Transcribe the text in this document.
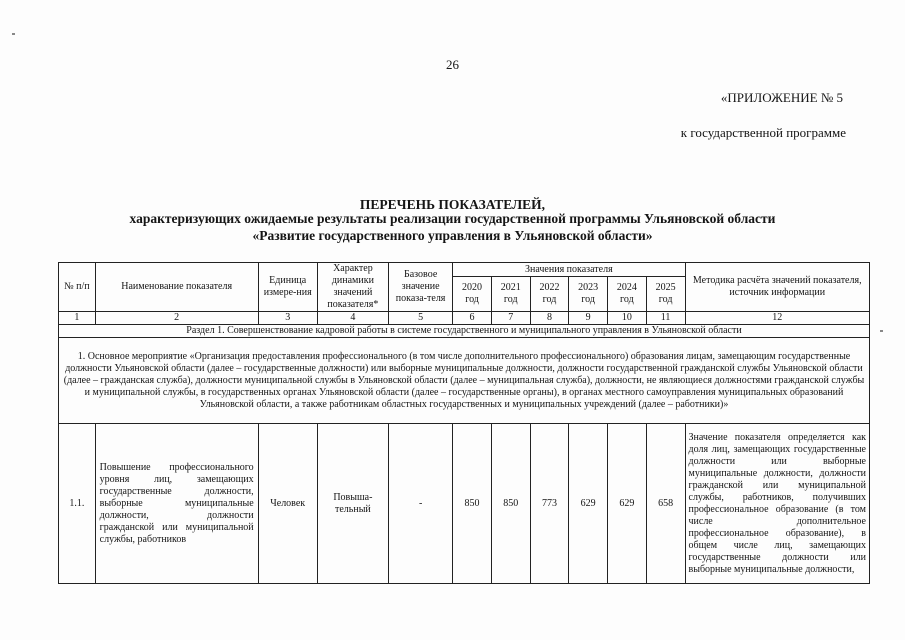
26
«ПРИЛОЖЕНИЕ № 5
к государственной программе
ПЕРЕЧЕНЬ ПОКАЗАТЕЛЕЙ,
характеризующих ожидаемые результаты реализации государственной программы Ульяновской области
«Развитие государственного управления в Ульяновской области»
№ п/п	Наименование показателя	Единица измере-ния	Характер динамики значений показателя*	Базовое значение показа-теля	Значения показателя						Методика расчёта значений показателя, источник информации
					2020 год	2021 год	2022 год	2023 год	2024 год	2025 год	
1	2	3	4	5	6	7	8	9	10	11	12
Раздел 1. Совершенствование кадровой работы в системе государственного и муниципального управления в Ульяновской области											
1. Основное мероприятие «Организация предоставления профессионального (в том числе дополнительного профессионального) образования лицам, замещающим государственные должности Ульяновской области (далее – государственные должности) или выборные муниципальные должности, должности государственной гражданской службы Ульяновской области (далее – гражданская служба), должности муниципальной службы в Ульяновской области (далее – муниципальная служба), должности, не являющиеся должностями гражданской службы и муниципальной службы, в государственных органах Ульяновской области (далее – государственные органы), в органах местного самоуправления муниципальных образований Ульяновской области, а также работникам областных государственных и муниципальных учреждений (далее – работники)»											
1.1.	Повышение профессионального уровня лиц, замещающих государственные должности, выборные муниципальные должности, должности гражданской или муниципальной службы, работников	Человек	Повыша-тельный	-	850	850	773	629	629	658	Значение показателя определяется как доля лиц, замещающих государственные должности или выборные муниципальные должности, должности гражданской или муниципальной службы, работников, получивших профессиональное образование (в том числе дополнительное профессиональное образование), в общем числе лиц, замещающих государственные должности или выборные муниципальные должности,
